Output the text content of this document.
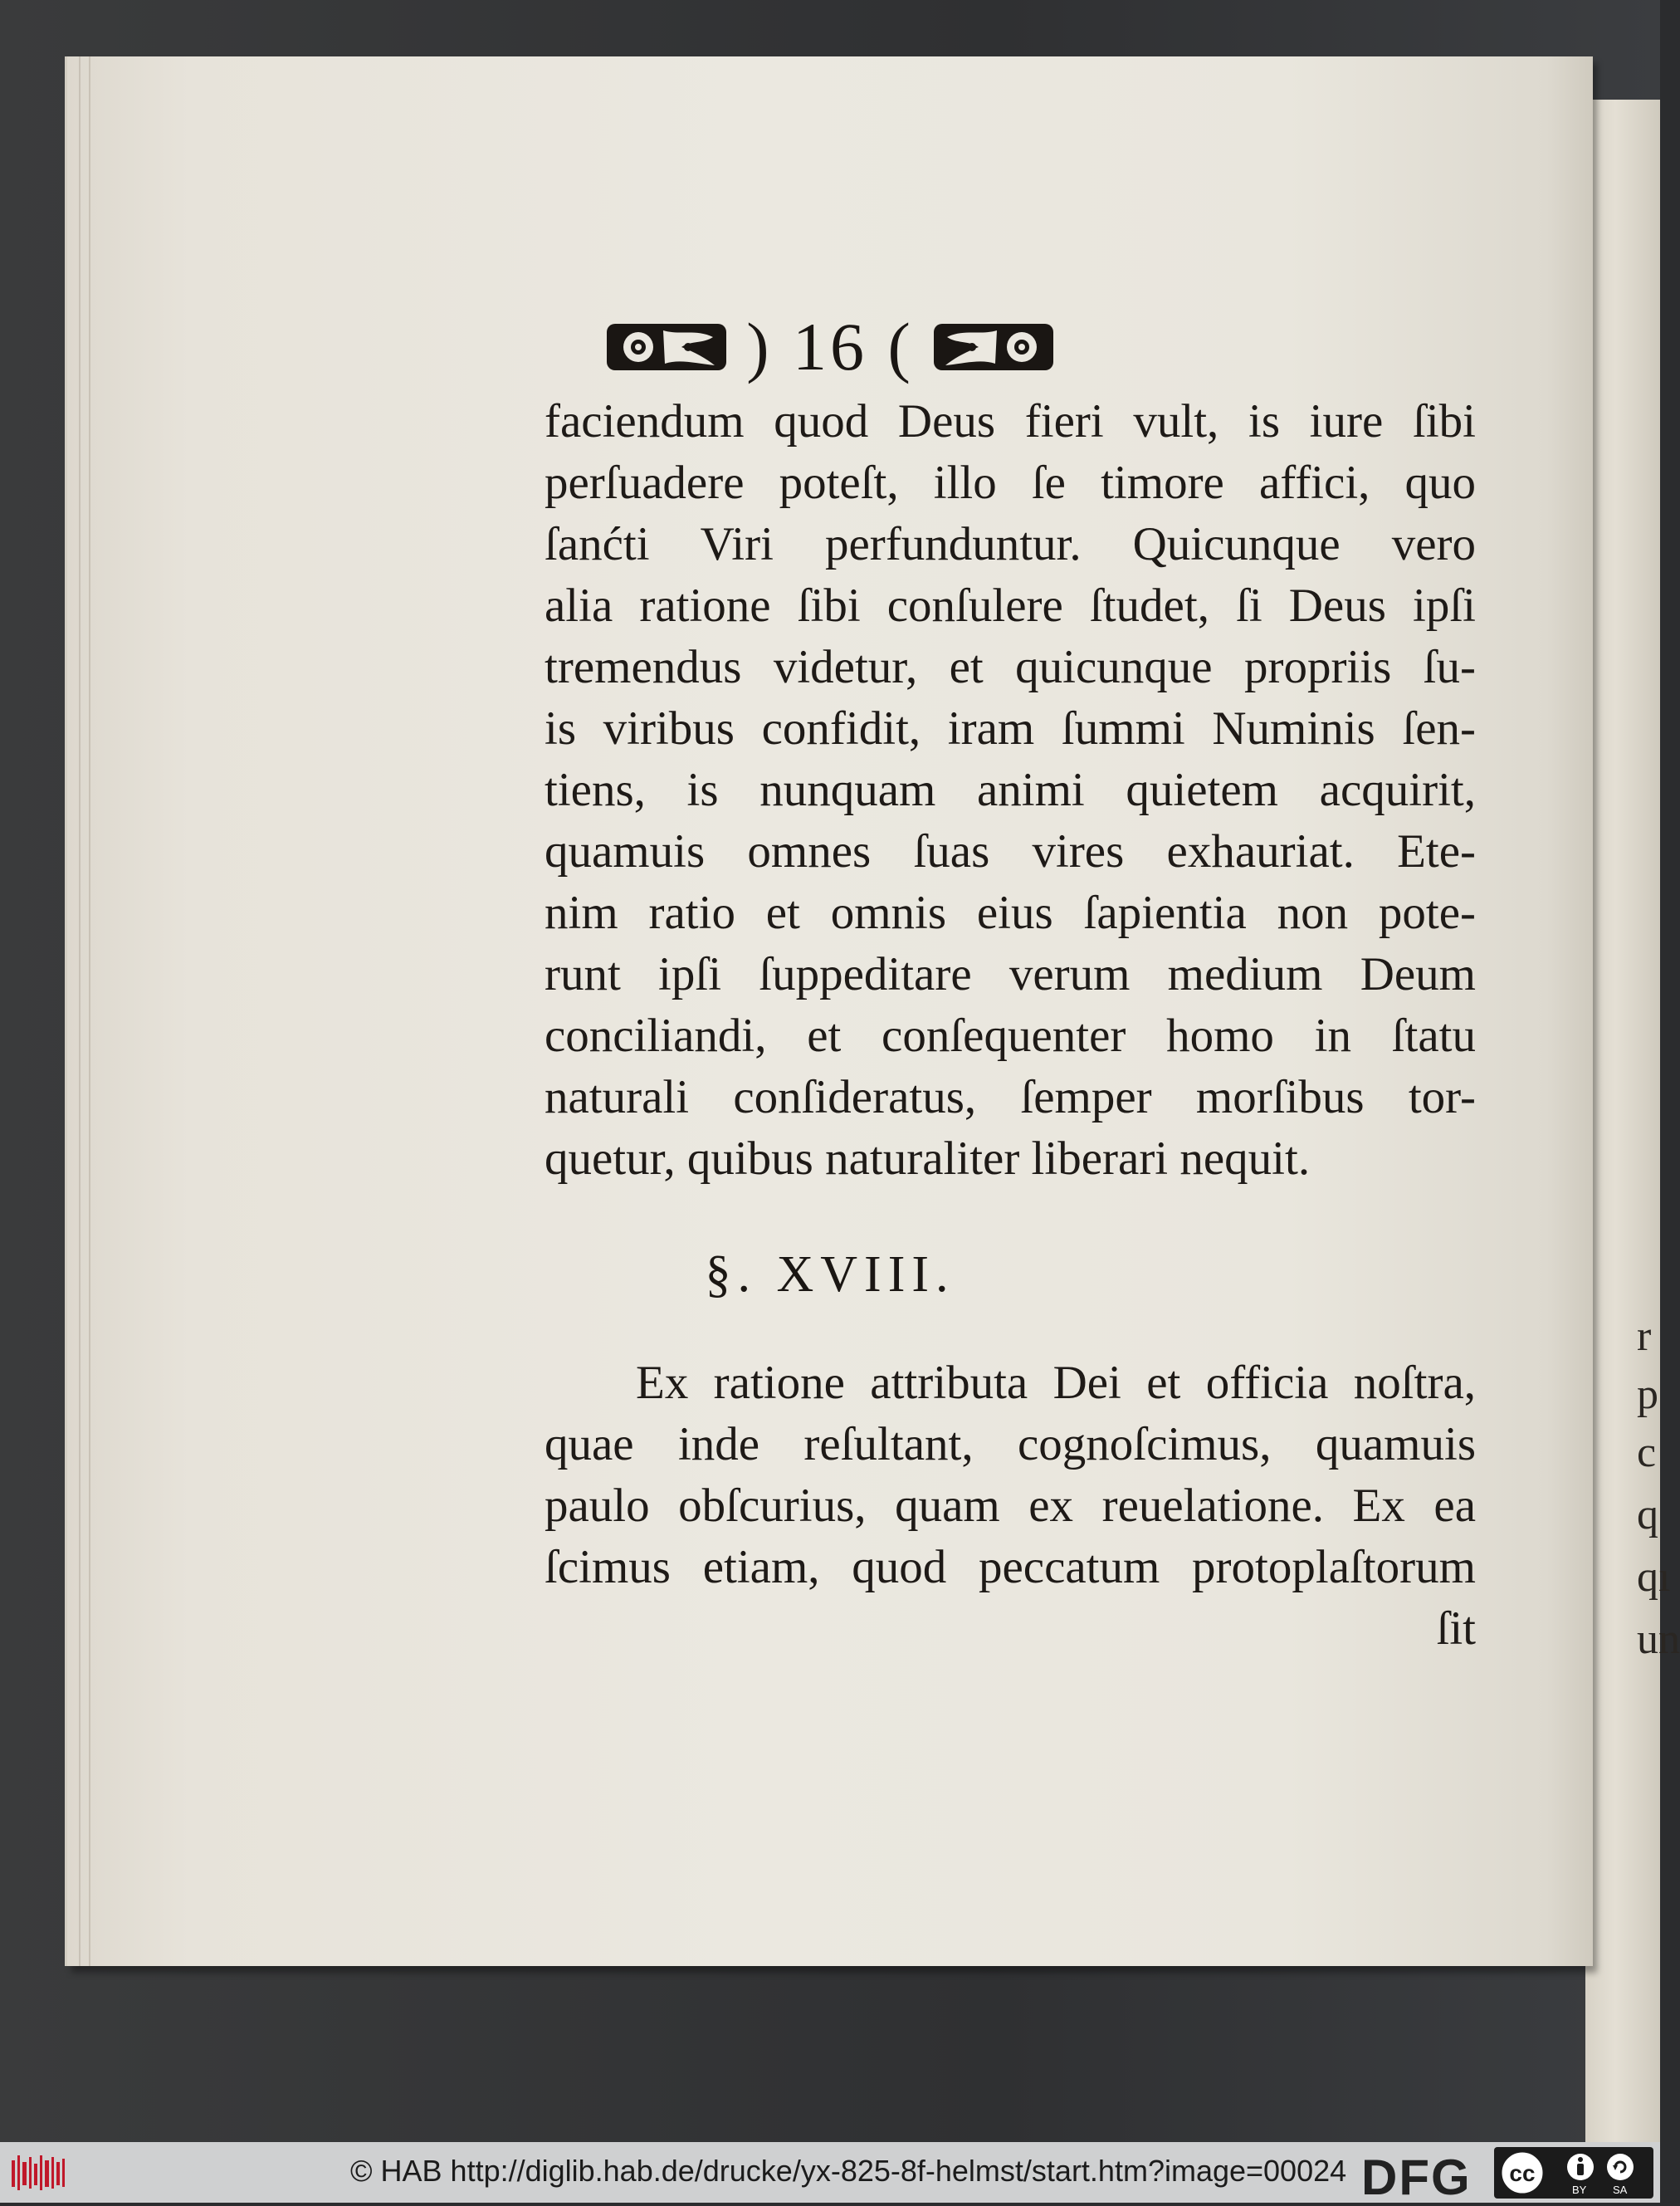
r
p
c
q
qı
un
) 16 (
faciendum quod Deus fieri vult, is iure ſibi
perſuadere poteſt, illo ſe timore affici, quo
ſanćti Viri perfunduntur. Quicunque vero
alia ratione ſibi conſulere ſtudet, ſi Deus ipſi
tremendus videtur, et quicunque propriis ſu-
is viribus confidit, iram ſummi Numinis ſen-
tiens, is nunquam animi quietem acquirit,
quamuis omnes ſuas vires exhauriat. Ete-
nim ratio et omnis eius ſapientia non pote-
runt ipſi ſuppeditare verum medium Deum
conciliandi, et conſequenter homo in ſtatu
naturali conſideratus, ſemper morſibus tor-
quetur, quibus naturaliter liberari nequit.
§. XVIII.
Ex ratione attributa Dei et officia noſtra,
quae inde reſultant, cognoſcimus, quamuis
paulo obſcurius, quam ex reuelatione. Ex ea
ſcimus etiam, quod peccatum protoplaſtorum
ſit
© HAB http://diglib.hab.de/drucke/yx-825-8f-helmst/start.htm?image=00024 DFG cc
BY SA
